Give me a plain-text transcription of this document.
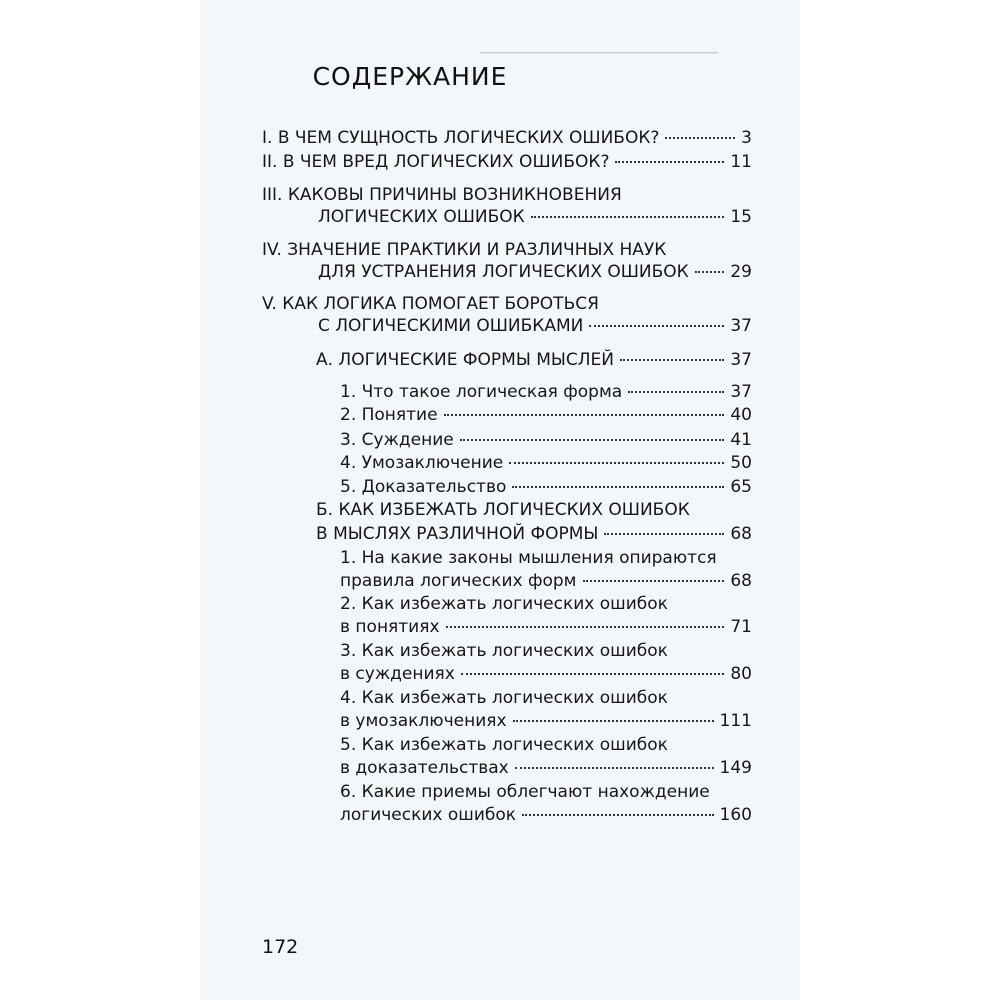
────────────────
СОДЕРЖАНИЕ
I. В ЧЕМ СУЩНОСТЬ ЛОГИЧЕСКИХ ОШИБОК?	3
II. В ЧЕМ ВРЕД ЛОГИЧЕСКИХ ОШИБОК?	11
III. КАКОВЫ ПРИЧИНЫ ВОЗНИКНОВЕНИЯ
ЛОГИЧЕСКИХ ОШИБОК	15
IV. ЗНАЧЕНИЕ ПРАКТИКИ И РАЗЛИЧНЫХ НАУК
ДЛЯ УСТРАНЕНИЯ ЛОГИЧЕСКИХ ОШИБОК 29
V. КАК ЛОГИКА ПОМОГАЕТ БОРОТЬСЯ
С ЛОГИЧЕСКИМИ ОШИБКАМИ	37
А. ЛОГИЧЕСКИЕ ФОРМЫ МЫСЛЕЙ	37
1. Что такое логическая форма	37
2. Понятие	40
3. Суждение	41
4. Умозаключение	50
5. Доказательство	65
Б. КАК ИЗБЕЖАТЬ ЛОГИЧЕСКИХ ОШИБОК
В МЫСЛЯХ РАЗЛИЧНОЙ ФОРМЫ	68
1. На какие законы мышления опираются
правила логических форм	68
2. Как избежать логических ошибок
в понятиях	71
3. Как избежать логических ошибок
в суждениях	80
4. Как избежать логических ошибок
в умозаключениях	111
5. Как избежать логических ошибок
в доказательствах	149
6. Какие приемы облегчают нахождение
логических ошибок	160
172
